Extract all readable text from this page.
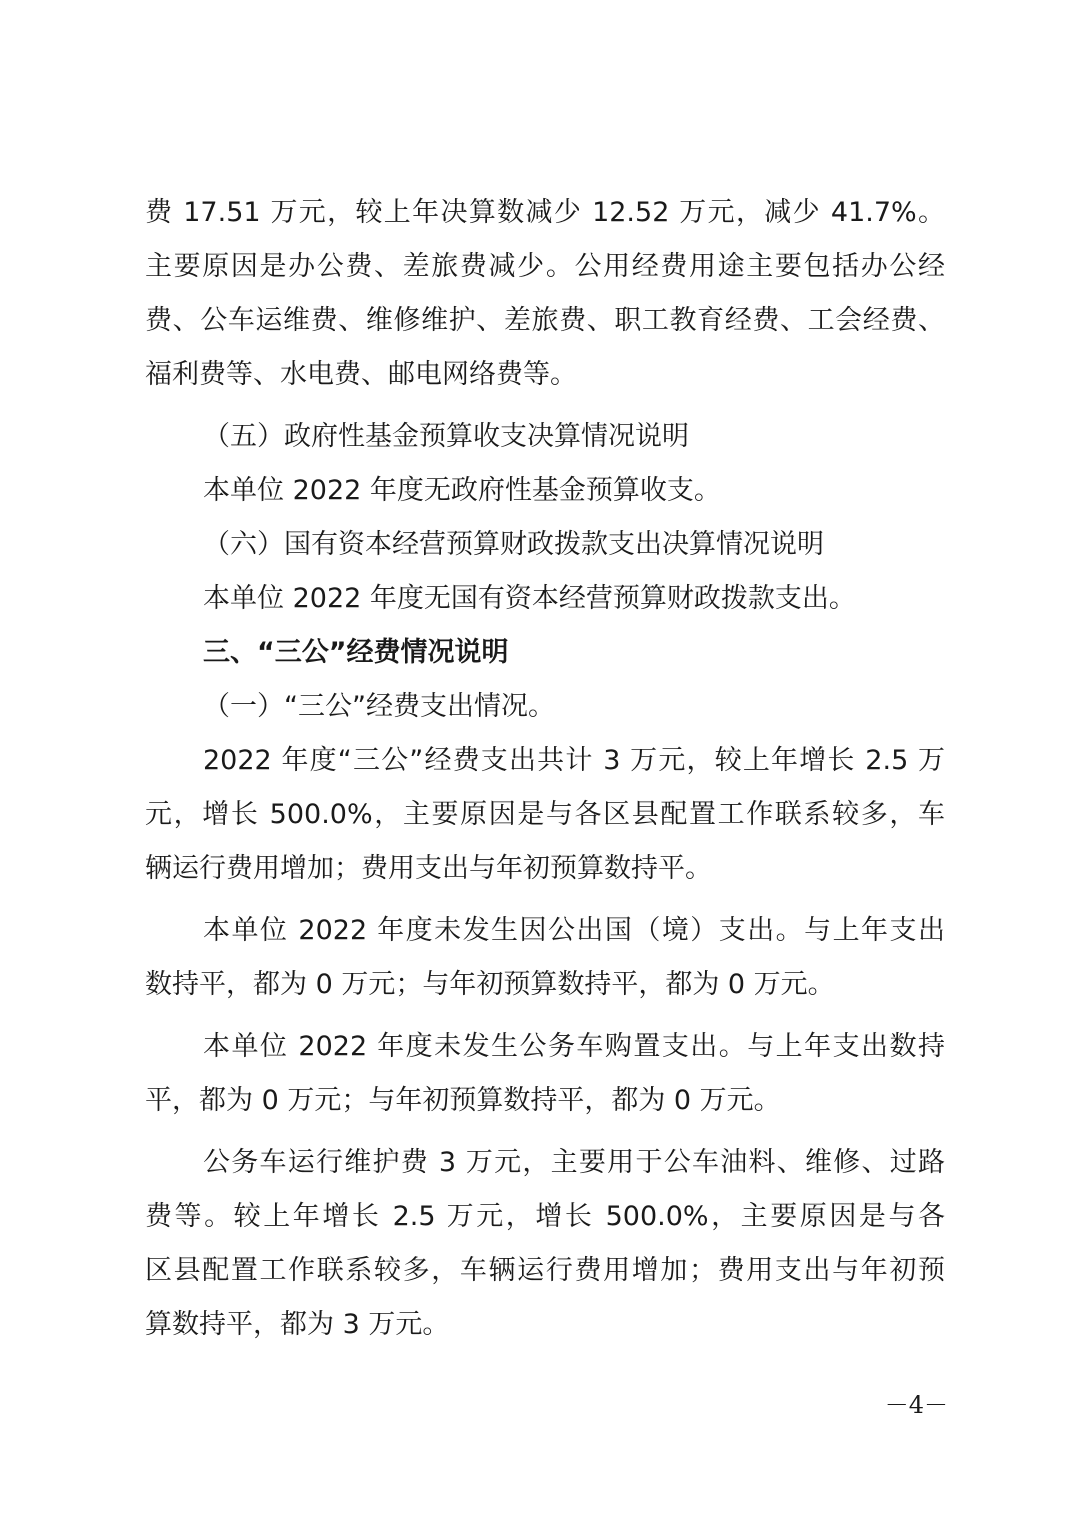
费 17.51 万元，较上年决算数减少 12.52 万元，减少 41.7%。
主要原因是办公费、差旅费减少。公用经费用途主要包括办公经
费、公车运维费、维修维护、差旅费、职工教育经费、工会经费、
福利费等、水电费、邮电网络费等。
（五）政府性基金预算收支决算情况说明
本单位 2022 年度无政府性基金预算收支。
（六）国有资本经营预算财政拨款支出决算情况说明
本单位 2022 年度无国有资本经营预算财政拨款支出。
三、“三公”经费情况说明
（一）“三公”经费支出情况。
2022 年度“三公”经费支出共计 3 万元，较上年增长 2.5 万
元，增长 500.0%，主要原因是与各区县配置工作联系较多，车
辆运行费用增加；费用支出与年初预算数持平。
本单位 2022 年度未发生因公出国（境）支出。与上年支出
数持平，都为 0 万元；与年初预算数持平，都为 0 万元。
本单位 2022 年度未发生公务车购置支出。与上年支出数持
平，都为 0 万元；与年初预算数持平，都为 0 万元。
公务车运行维护费 3 万元，主要用于公车油料、维修、过路
费等。较上年增长 2.5 万元，增长 500.0%，主要原因是与各
区县配置工作联系较多，车辆运行费用增加；费用支出与年初预
算数持平，都为 3 万元。
－4－
